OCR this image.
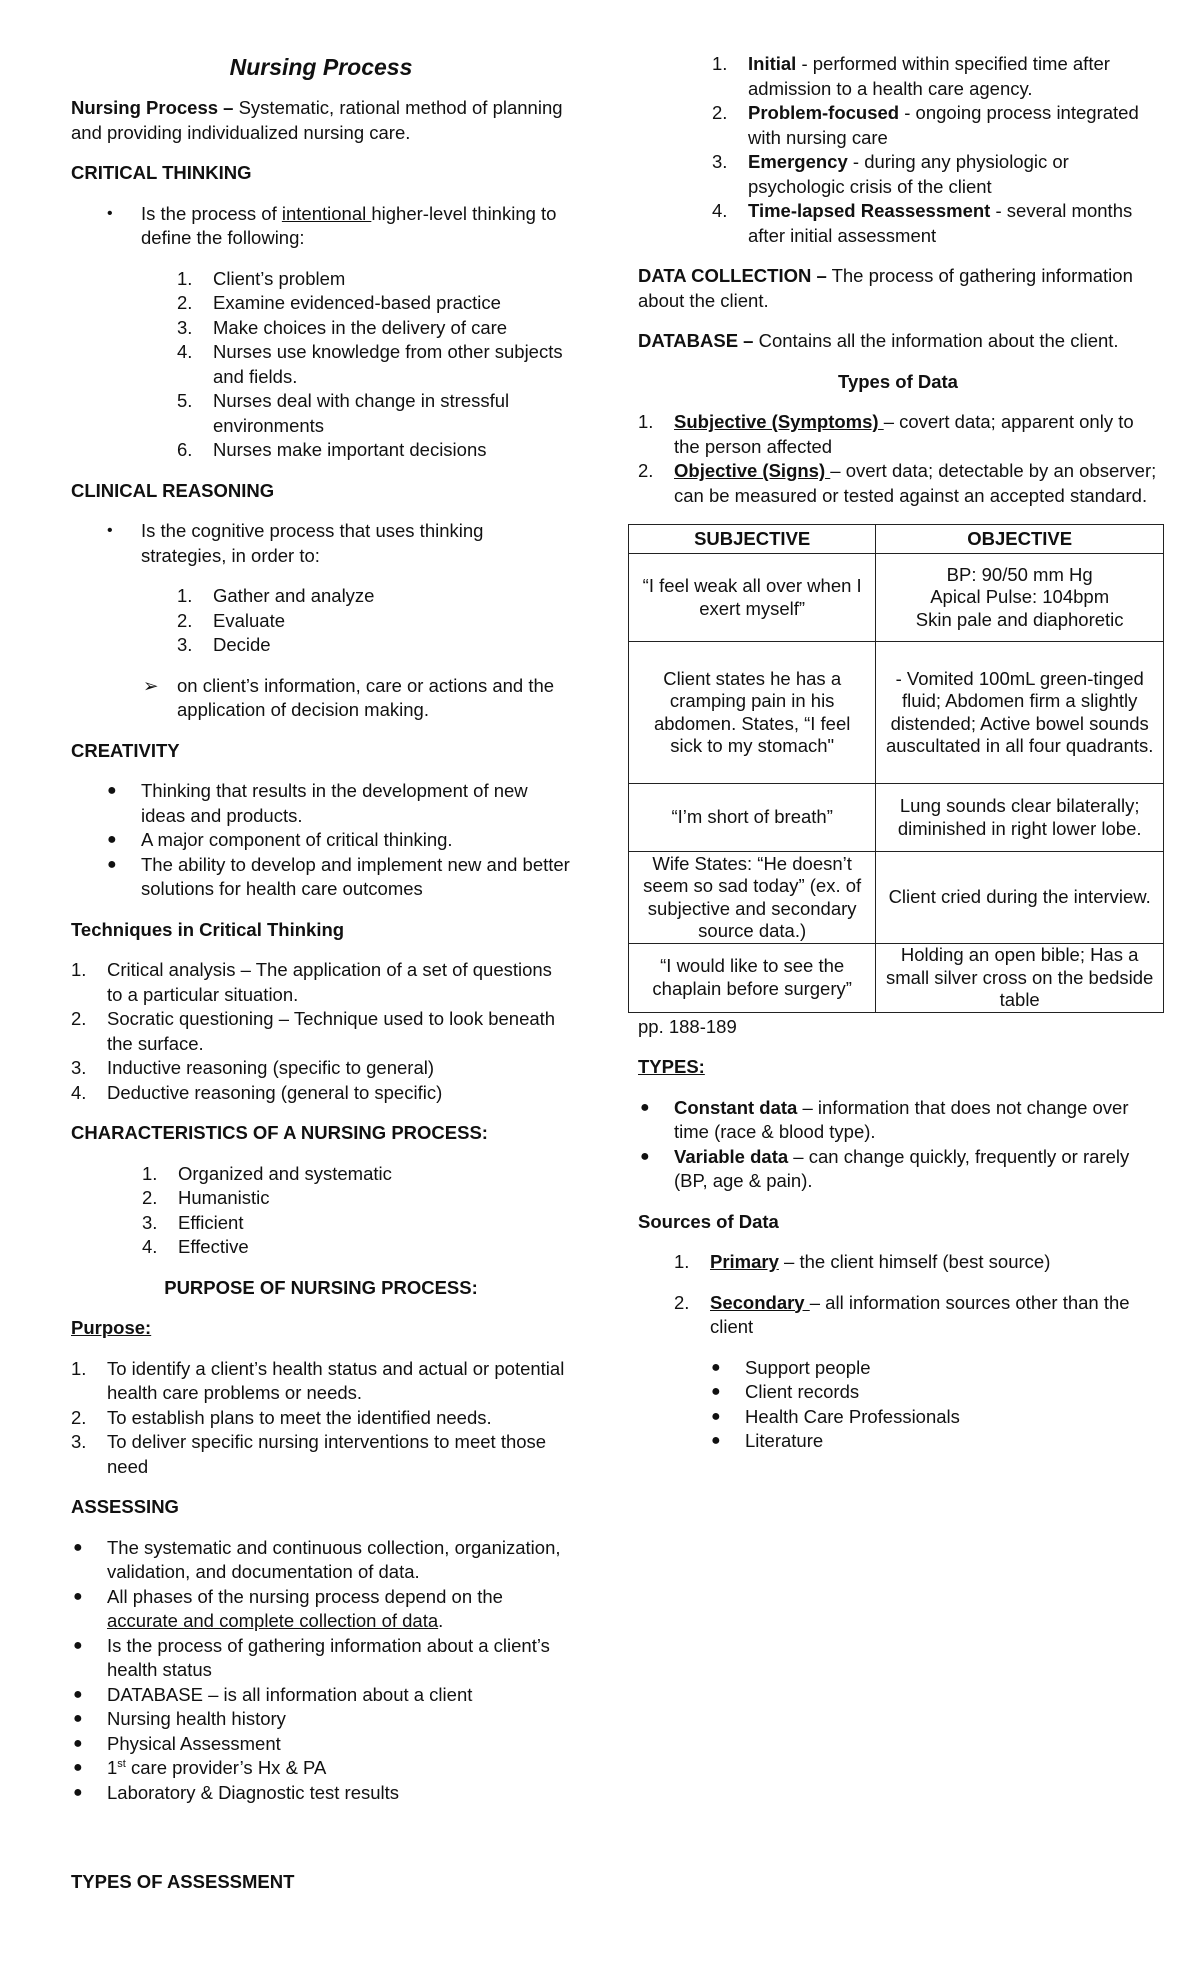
Nursing Process

Nursing Process – Systematic, rational method of planning and providing individualized nursing care.

CRITICAL THINKING
• Is the process of intentional higher-level thinking to define the following:
1.	Client’s problem
2.	Examine evidenced-based practice
3.	Make choices in the delivery of care
4.	Nurses use knowledge from other subjects and fields.
5.	Nurses deal with change in stressful environments
6.	Nurses make important decisions
CLINICAL REASONING
• Is the cognitive process that uses thinking strategies, in order to:
1.	Gather and analyze
2.	Evaluate
3.	Decide
➢ on client’s information, care or actions and the application of decision making.
CREATIVITY
● Thinking that results in the development of new ideas and products.
● A major component of critical thinking.
● The ability to develop and implement new and better solutions for health care outcomes
Techniques in Critical Thinking
1.	Critical analysis – The application of a set of questions to a particular situation.
2.	Socratic questioning – Technique used to look beneath the surface.
3.	Inductive reasoning (specific to general)
4.	Deductive reasoning (general to specific)
CHARACTERISTICS OF A NURSING PROCESS:
1.	Organized and systematic
2.	Humanistic
3.	Efficient
4.	Effective
PURPOSE OF NURSING PROCESS:
Purpose:
1.	To identify a client’s health status and actual or potential health care problems or needs.
2.	To establish plans to meet the identified needs.
3.	To deliver specific nursing interventions to meet those need
ASSESSING
● The systematic and continuous collection, organization, validation, and documentation of data.
● All phases of the nursing process depend on the accurate and complete collection of data.
● Is the process of gathering information about a client’s health status
● DATABASE – is all information about a client
● Nursing health history
● Physical Assessment
● 1st care provider’s Hx & PA
● Laboratory & Diagnostic test results
TYPES OF ASSESSMENT
1.	Initial - performed within specified time after admission to a health care agency.
2.	Problem-focused - ongoing process integrated with nursing care
3.	Emergency - during any physiologic or psychologic crisis of the client
4.	Time-lapsed Reassessment - several months after initial assessment

DATA COLLECTION – The process of gathering information about the client.

DATABASE – Contains all the information about the client.

Types of Data
1.	Subjective (Symptoms) – covert data; apparent only to the person affected
2.	Objective (Signs) – overt data; detectable by an observer; can be measured or tested against an accepted standard.
SUBJECTIVE	OBJECTIVE
“I feel weak all over when I exert myself”	BP: 90/50 mm Hg
Apical Pulse: 104bpm
Skin pale and diaphoretic
Client states he has a cramping pain in his abdomen. States, “I feel sick to my stomach"	- Vomited 100mL green-tinged fluid; Abdomen firm a slightly distended; Active bowel sounds auscultated in all four quadrants.
“I’m short of breath”	Lung sounds clear bilaterally; diminished in right lower lobe.
Wife States: “He doesn’t seem so sad today” (ex. of subjective and secondary source data.)	Client cried during the interview.
“I would like to see the chaplain before surgery”	Holding an open bible; Has a small silver cross on the bedside table

pp. 188-189

TYPES:
● Constant data – information that does not change over time (race & blood type).
● Variable data – can change quickly, frequently or rarely (BP, age & pain).
Sources of Data
1.	Primary – the client himself (best source)
2.	Secondary – all information sources other than the client
● Support people
● Client records
● Health Care Professionals
● Literature
